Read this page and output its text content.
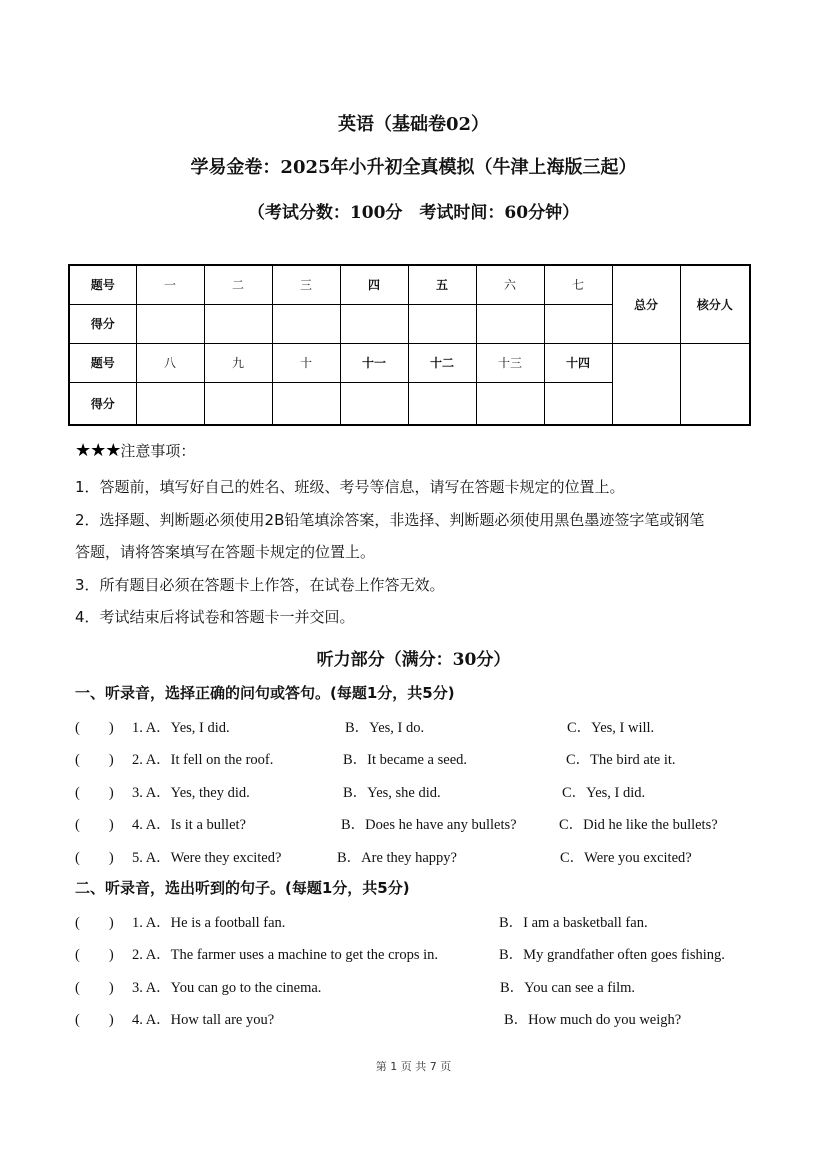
英语（基础卷02）
学易金卷：2025年小升初全真模拟（牛津上海版三起）
（考试分数：100分　考试时间：60分钟）
题号	一	二	三	四	五	六	七	总分	核分人
得分									
题号	八	九	十	十一	十二	十三	十四		
得分									
★★★注意事项：
1．答题前，填写好自己的姓名、班级、考号等信息，请写在答题卡规定的位置上。
2．选择题、判断题必须使用2B铅笔填涂答案，非选择、判断题必须使用黑色墨迹签字笔或钢笔
答题，请将答案填写在答题卡规定的位置上。
3．所有题目必须在答题卡上作答，在试卷上作答无效。
4．考试结束后将试卷和答题卡一并交回。
听力部分（满分：30分）
一、听录音，选择正确的问句或答句。(每题1分，共5分)
(　　) 1. A．Yes, I did.	B．Yes, I do.	C．Yes, I will.
(　　) 2. A．It fell on the roof.	B．It became a seed.	C．The bird ate it.
(　　) 3. A．Yes, they did.	B．Yes, she did.	C．Yes, I did.
(　　) 4. A．Is it a bullet?	B．Does he have any bullets?	C．Did he like the bullets?
(　　) 5. A．Were they excited?	B．Are they happy?	C．Were you excited?
二、听录音，选出听到的句子。(每题1分，共5分)
(　　) 1. A．He is a football fan.	B．I am a basketball fan.
(　　) 2. A．The farmer uses a machine to get the crops in.	B．My grandfather often goes fishing.
(　　) 3. A．You can go to the cinema.	B．You can see a film.
(　　) 4. A．How tall are you?	B．How much do you weigh?
第 1 页 共 7 页
